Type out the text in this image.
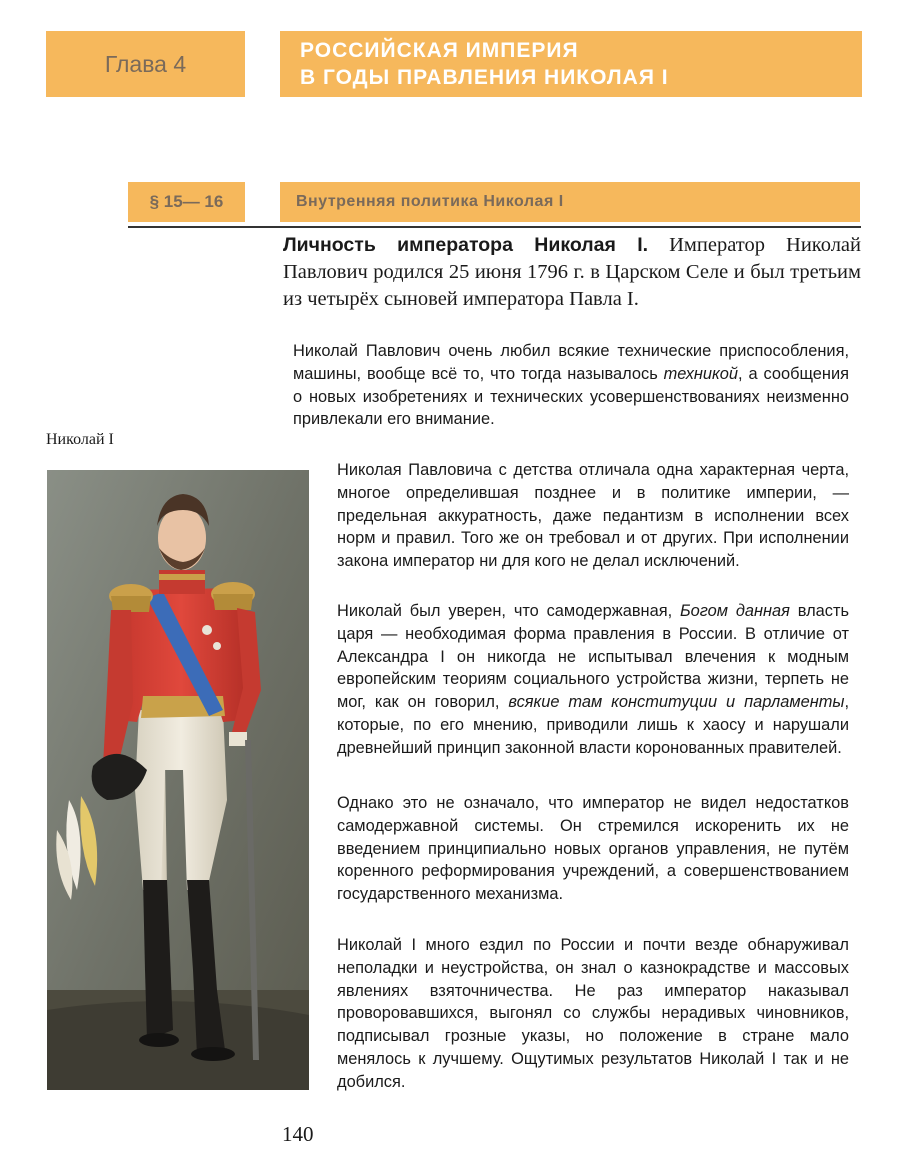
Глава 4	РОССИЙСКАЯ ИМПЕРИЯ
В ГОДЫ ПРАВЛЕНИЯ НИКОЛАЯ I
§ 15— 16	Внутренняя политика Николая I

Личность императора Николая I. Император Николай Павлович родился 25 июня 1796 г. в Царском Селе и был третьим из четырёх сыновей императора Павла I.

Николай I

Николай Павлович очень любил всякие технические приспособления, машины, вообще всё то, что тогда называлось техникой, а сообщения о новых изобретениях и технических усовершенствованиях неизменно привлекали его внимание.

Николая Павловича с детства отличала одна характерная черта, многое определившая позднее и в политике империи, — предельная аккуратность, даже педантизм в исполнении всех норм и правил. Того же он требовал и от других. При исполнении закона император ни для кого не делал исключений.

Николай был уверен, что самодержавная, Богом данная власть царя — необходимая форма правления в России. В отличие от Александра I он никогда не испытывал влечения к модным европейским теориям социального устройства жизни, терпеть не мог, как он говорил, всякие там конституции и парламенты, которые, по его мнению, приводили лишь к хаосу и нарушали древнейший принцип законной власти коронованных правителей.

Однако это не означало, что император не видел недостатков самодержавной системы. Он стремился искоренить их не введением принципиально новых органов управления, не путём коренного реформирования учреждений, а совершенствованием государственного механизма.

Николай I много ездил по России и почти везде обнаруживал неполадки и неустройства, он знал о казнокрадстве и массовых явлениях взяточничества. Не раз император наказывал проворовавшихся, выгонял со службы нерадивых чиновников, подписывал грозные указы, но положение в стране мало менялось к лучшему. Ощутимых результатов Николай I так и не добился.

140
